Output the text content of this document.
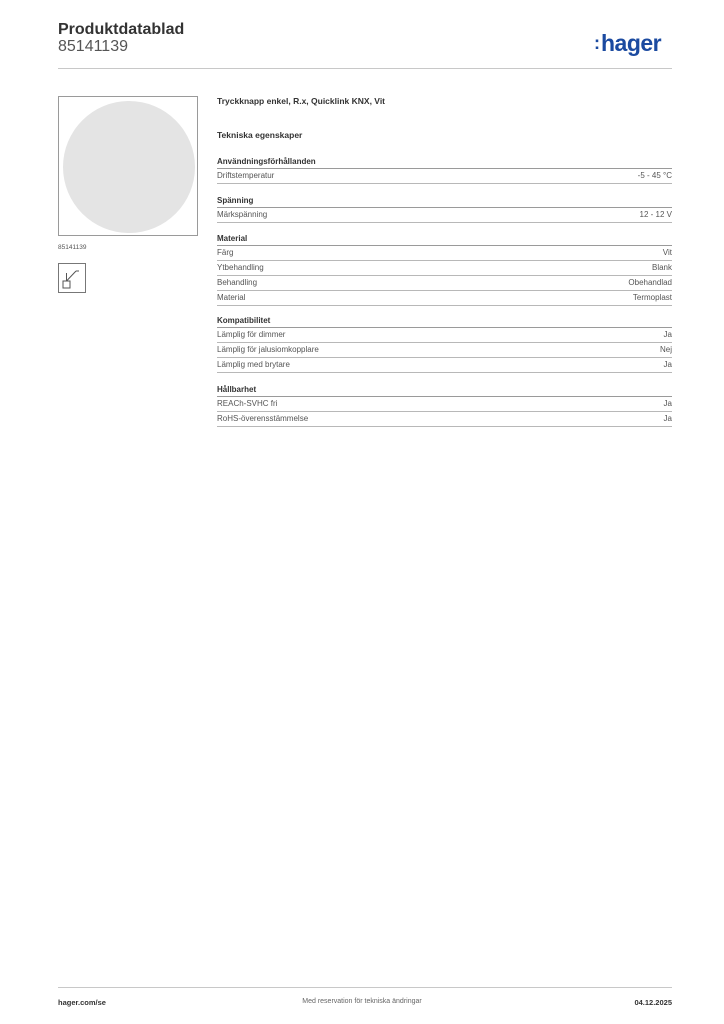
Produktdatablad
85141139	:hager
85141139
Tryckknapp enkel, R.x, Quicklink KNX, Vit
Tekniska egenskaper
Användningsförhållanden
Driftstemperatur	-5 - 45 °C
Spänning
Märkspänning	12 - 12 V
Material
Färg	Vit
Ytbehandling	Blank
Behandling	Obehandlad
Material	Termoplast
Kompatibilitet
Lämplig för dimmer	Ja
Lämplig för jalusiomkopplare	Nej
Lämplig med brytare	Ja
Hållbarhet
REACh-SVHC fri	Ja
RoHS-överensstämmelse	Ja
hager.com/se	Med reservation för tekniska ändringar	04.12.2025
